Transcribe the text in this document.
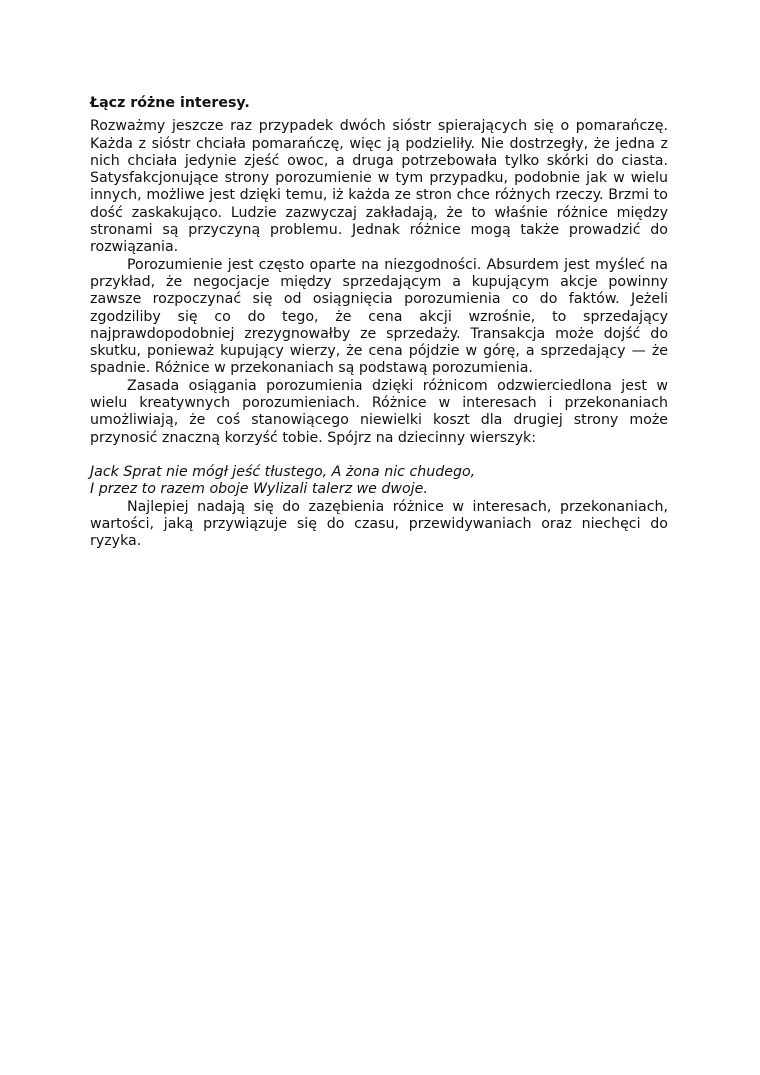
Łącz różne interesy.

Rozważmy jeszcze raz przypadek dwóch sióstr spierających się o pomarańczę. Każda z sióstr chciała pomarańczę, więc ją podzieliły. Nie dostrzegły, że jedna z nich chciała jedynie zjeść owoc, a druga potrzebowała tylko skórki do ciasta. Satysfakcjonujące strony porozumienie w tym przypadku, podobnie jak w wielu innych, możliwe jest dzięki temu, iż każda ze stron chce różnych rzeczy. Brzmi to dość zaskakująco. Ludzie zazwyczaj zakładają, że to właśnie różnice między stronami są przyczyną problemu. Jednak różnice mogą także prowadzić do rozwiązania.

Porozumienie jest często oparte na niezgodności. Absurdem jest myśleć na przykład, że negocjacje między sprzedającym a kupującym akcje powinny zawsze rozpoczynać się od osiągnięcia porozumienia co do faktów. Jeżeli zgodziliby się co do tego, że cena akcji wzrośnie, to sprzedający najprawdopodobniej zrezygnowałby ze sprzedaży. Transakcja może dojść do skutku, ponieważ kupujący wierzy, że cena pójdzie w górę, a sprzedający — że spadnie. Różnice w przekonaniach są podstawą porozumienia.

Zasada osiągania porozumienia dzięki różnicom odzwierciedlona jest w wielu kreatywnych porozumieniach. Różnice w interesach i przekonaniach umożliwiają, że coś stanowiącego niewielki koszt dla drugiej strony może przynosić znaczną korzyść tobie. Spójrz na dziecinny wierszyk:

Jack Sprat nie mógł jeść tłustego, A żona nic chudego,

I przez to razem oboje Wylizali talerz we dwoje.

Najlepiej nadają się do zazębienia różnice w interesach, przekonaniach, wartości, jaką przywiązuje się do czasu, przewidywaniach oraz niechęci do ryzyka.
